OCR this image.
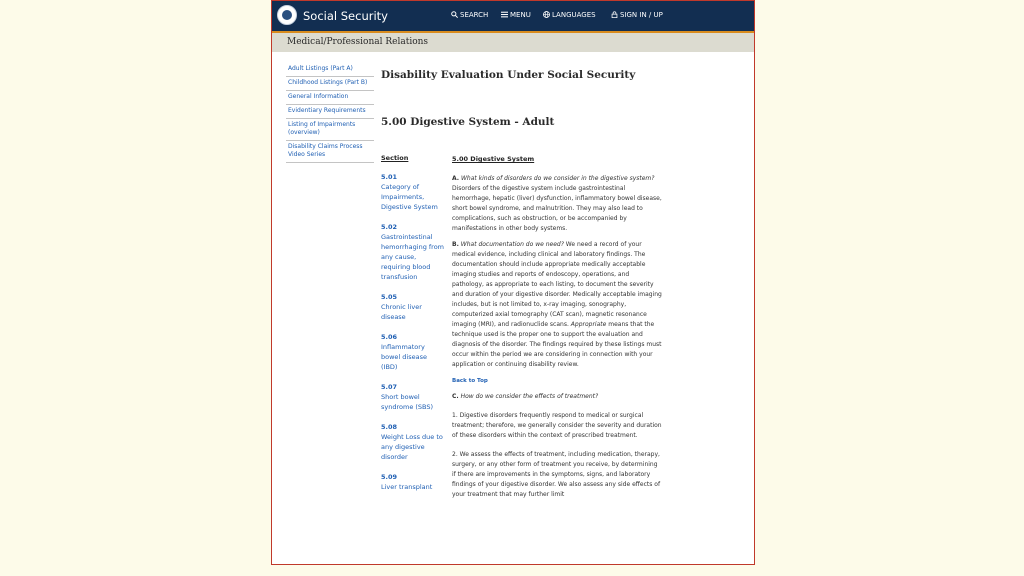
Social Security	SEARCH	MENU	LANGUAGES	SIGN IN / UP
Medical/Professional Relations
Adult Listings (Part A)
Childhood Listings (Part B)
General Information
Evidentiary Requirements
Listing of Impairments (overview)
Disability Claims Process Video Series
Disability Evaluation Under Social Security
5.00 Digestive System - Adult
Section
5.01
Category of Impairments, Digestive System
5.02
Gastrointestinal hemorrhaging from any cause, requiring blood transfusion
5.05
Chronic liver disease
5.06
Inflammatory bowel disease (IBD)
5.07
Short bowel syndrome (SBS)
5.08
Weight Loss due to any digestive disorder
5.09
Liver transplant
5.00 Digestive System

A. What kinds of disorders do we consider in the digestive system? Disorders of the digestive system include gastrointestinal hemorrhage, hepatic (liver) dysfunction, inflammatory bowel disease, short bowel syndrome, and malnutrition. They may also lead to complications, such as obstruction, or be accompanied by manifestations in other body systems.

B. What documentation do we need? We need a record of your medical evidence, including clinical and laboratory findings. The documentation should include appropriate medically acceptable imaging studies and reports of endoscopy, operations, and pathology, as appropriate to each listing, to document the severity and duration of your digestive disorder. Medically acceptable imaging includes, but is not limited to, x-ray imaging, sonography, computerized axial tomography (CAT scan), magnetic resonance imaging (MRI), and radionuclide scans. Appropriate means that the technique used is the proper one to support the evaluation and diagnosis of the disorder. The findings required by these listings must occur within the period we are considering in connection with your application or continuing disability review.

Back to Top

C. How do we consider the effects of treatment?

1. Digestive disorders frequently respond to medical or surgical treatment; therefore, we generally consider the severity and duration of these disorders within the context of prescribed treatment.

2. We assess the effects of treatment, including medication, therapy, surgery, or any other form of treatment you receive, by determining if there are improvements in the symptoms, signs, and laboratory findings of your digestive disorder. We also assess any side effects of your treatment that may further limit
